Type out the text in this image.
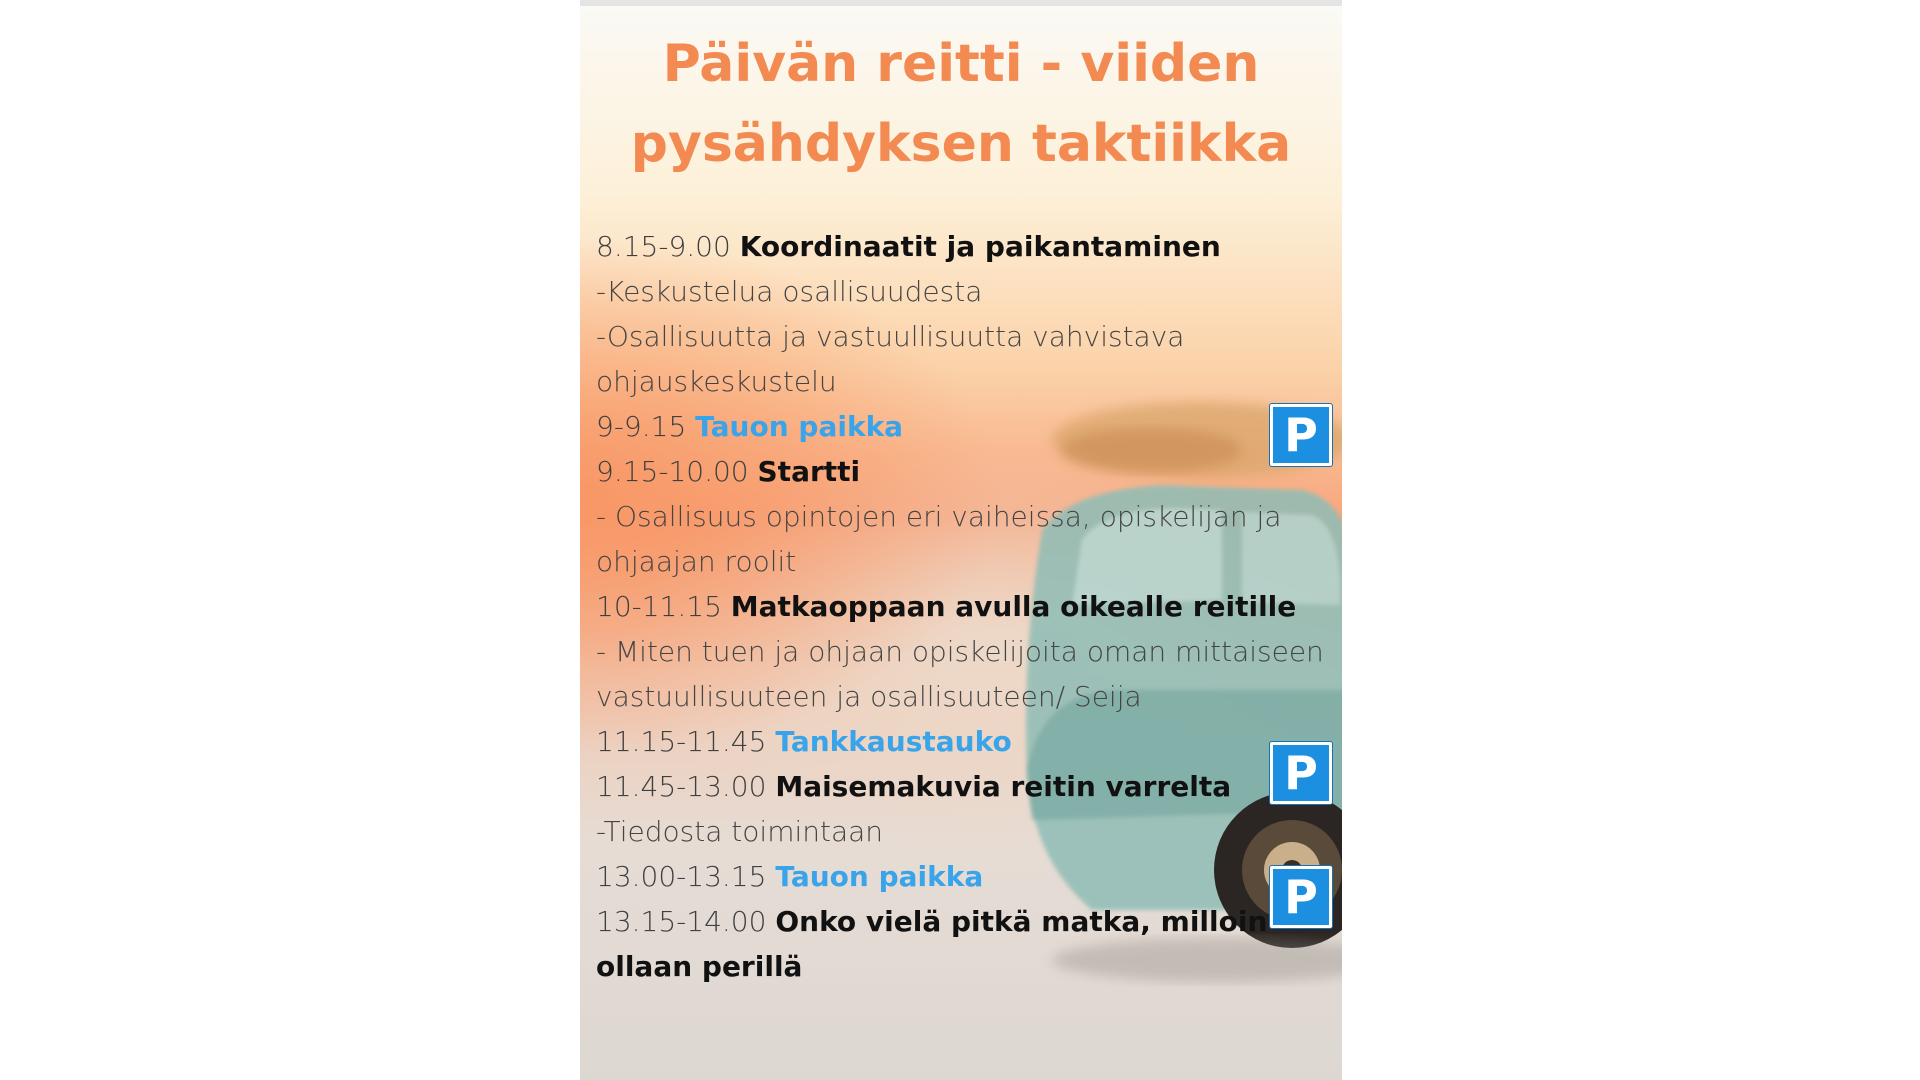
Päivän reitti - viiden
pysähdyksen taktiikka
8.15-9.00 Koordinaatit ja paikantaminen
-Keskustelua osallisuudesta
-Osallisuutta ja vastuullisuutta vahvistava ohjauskeskustelu
9-9.15 Tauon paikka
9.15-10.00 Startti
- Osallisuus opintojen eri vaiheissa, opiskelijan ja ohjaajan roolit
10-11.15 Matkaoppaan avulla oikealle reitille
- Miten tuen ja ohjaan opiskelijoita oman mittaiseen vastuullisuuteen ja osallisuuteen/ Seija
11.15-11.45 Tankkaustauko
11.45-13.00 Maisemakuvia reitin varrelta
-Tiedosta toimintaan
13.00-13.15 Tauon paikka
13.15-14.00 Onko vielä pitkä matka, milloin ollaan perillä
P
P
P
